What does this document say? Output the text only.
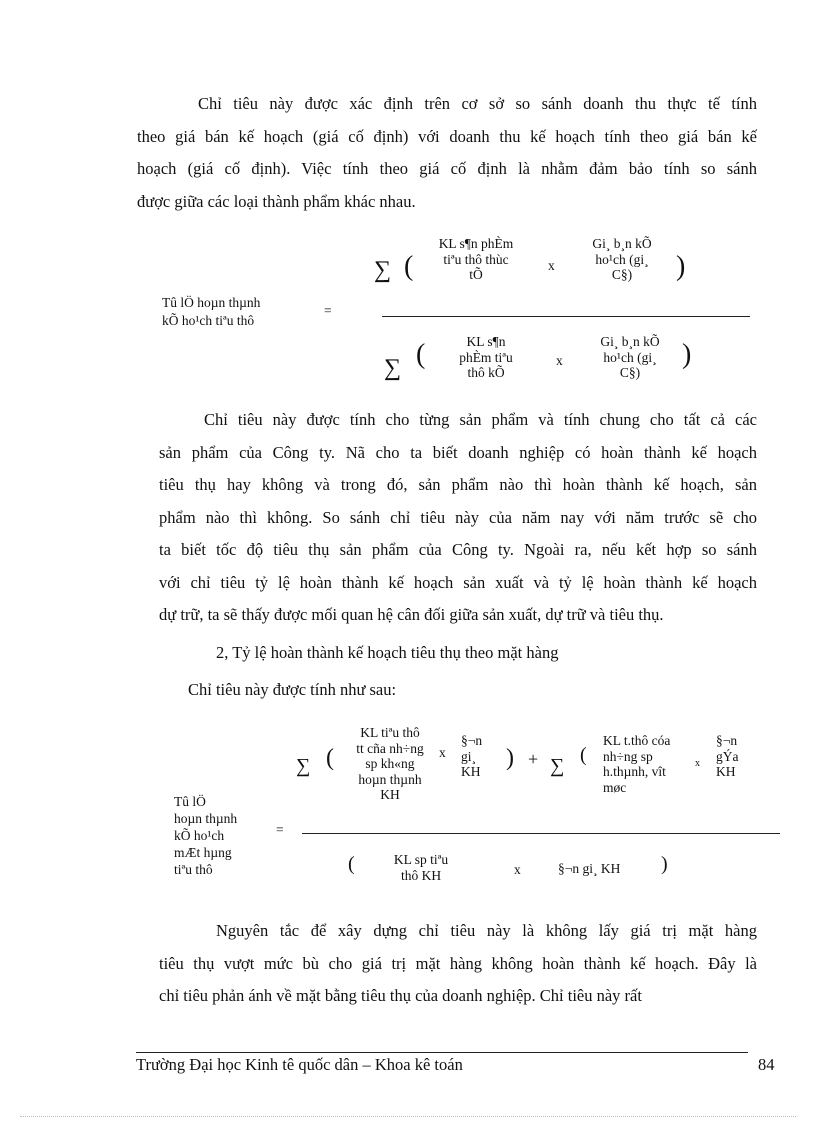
Chỉ tiêu này được xác định trên cơ sở so sánh doanh thu thực tế tính
theo giá bán kế hoạch (giá cố định) với doanh thu kế hoạch tính theo giá bán kế
hoạch (giá cố định). Việc tính theo giá cố định là nhằm đảm bảo tính so sánh
được giữa các loại thành phẩm khác nhau.
Tû lÖ hoµn thµnh
kÕ ho¹ch tiªu thô
=
∑ (
KL s¶n phÈm
tiªu thô thùc
tÕ
x
Gi¸ b¸n kÕ
ho¹ch (gi¸
C§)	)
∑ (	KL s¶n
phÈm tiªu
thô kÕ
x
Gi¸ b¸n kÕ
ho¹ch (gi¸
C§)
)
Chỉ tiêu này được tính cho từng sản phẩm và tính chung cho tất cả các
sản phẩm của Công ty. Nã cho ta biết doanh nghiệp có hoàn thành kế hoạch
tiêu thụ hay không và trong đó, sản phẩm nào thì hoàn thành kế hoạch, sản
phẩm nào thì không. So sánh chỉ tiêu này của năm nay với năm trước sẽ cho
ta biết tốc độ tiêu thụ sản phẩm của Công ty. Ngoài ra, nếu kết hợp so sánh
với chỉ tiêu tỷ lệ hoàn thành kế hoạch sản xuất và tỷ lệ hoàn thành kế hoạch
dự trữ, ta sẽ thấy được mối quan hệ cân đối giữa sản xuất, dự trữ và tiêu thụ.
2, Tỷ lệ hoàn thành kế hoạch tiêu thụ theo mặt hàng
Chỉ tiêu này được tính như sau:
Tû lÖ
hoµn thµnh
kÕ ho¹ch
mÆt hµng
tiªu thô
=
∑ (
KL tiªu thô
tt cña nh÷ng
sp kh«ng
hoµn thµnh
KH
x
§¬n
gi¸
KH
) + ∑ (
KL t.thô cóa
nh÷ng sp
h.thµnh, vît
møc
x
§¬n
gÝa
KH
(	KL sp tiªu
thô KH	x	§¬n gi¸ KH )
Nguyên tắc để xây dựng chỉ tiêu này là không lấy giá trị mặt hàng
tiêu thụ vượt mức bù cho giá trị mặt hàng không hoàn thành kế hoạch. Đây là
chỉ tiêu phản ánh về mặt bằng tiêu thụ của doanh nghiệp. Chỉ tiêu này rất
Trường Đại học Kinh tê quốc dân – Khoa kê toán	84
